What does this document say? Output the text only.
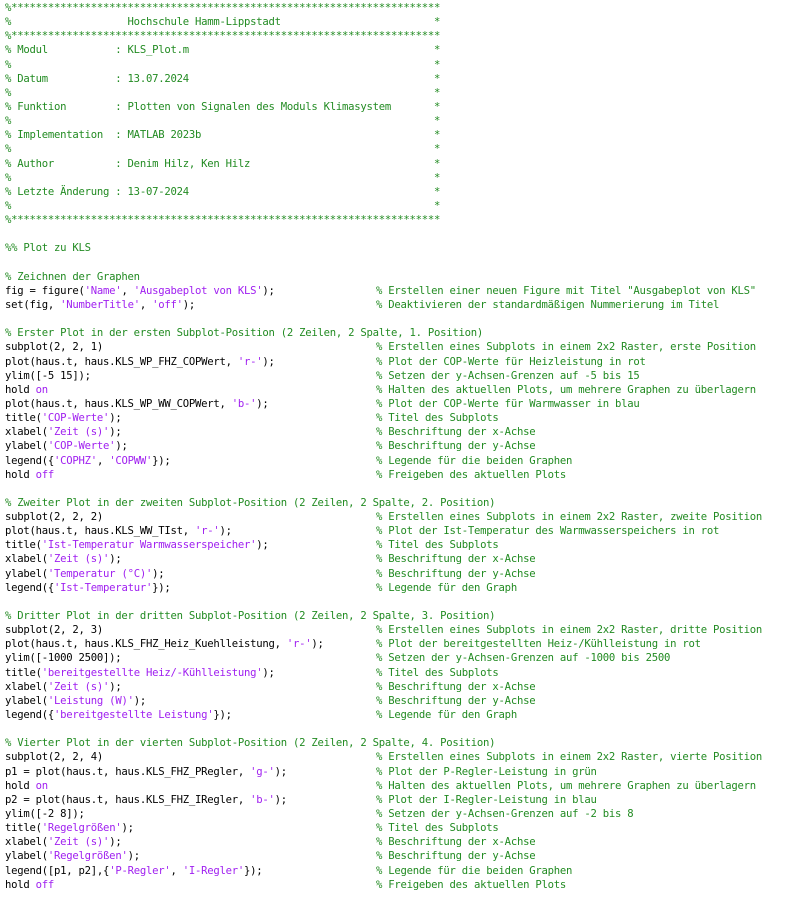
%**********************************************************************
%                   Hochschule Hamm-Lippstadt                         *
%**********************************************************************
% Modul           : KLS_Plot.m                                        *
%                                                                     *
% Datum           : 13.07.2024                                        *
%                                                                     *
% Funktion        : Plotten von Signalen des Moduls Klimasystem       *
%                                                                     *
% Implementation  : MATLAB 2023b                                      *
%                                                                     *
% Author          : Denim Hilz, Ken Hilz                              *
%                                                                     *
% Letzte Änderung : 13-07-2024                                        *
%                                                                     *
%**********************************************************************
%% Plot zu KLS
% Zeichnen der Graphen
fig = figure('Name', 'Ausgabeplot von KLS');	% Erstellen einer neuen Figure mit Titel "Ausgabeplot von KLS"
set(fig, 'NumberTitle', 'off');	% Deaktivieren der standardmäßigen Nummerierung im Titel
% Erster Plot in der ersten Subplot-Position (2 Zeilen, 2 Spalte, 1. Position)
subplot(2, 2, 1)	% Erstellen eines Subplots in einem 2x2 Raster, erste Position
plot(haus.t, haus.KLS_WP_FHZ_COPWert, 'r-');	% Plot der COP-Werte für Heizleistung in rot
ylim([-5 15]);	% Setzen der y-Achsen-Grenzen auf -5 bis 15
hold on	% Halten des aktuellen Plots, um mehrere Graphen zu überlagern
plot(haus.t, haus.KLS_WP_WW_COPWert, 'b-');	% Plot der COP-Werte für Warmwasser in blau
title('COP-Werte');	% Titel des Subplots
xlabel('Zeit (s)');	% Beschriftung der x-Achse
ylabel('COP-Werte');	% Beschriftung der y-Achse
legend({'COPHZ', 'COPWW'});	% Legende für die beiden Graphen
hold off	% Freigeben des aktuellen Plots
% Zweiter Plot in der zweiten Subplot-Position (2 Zeilen, 2 Spalte, 2. Position)
subplot(2, 2, 2)	% Erstellen eines Subplots in einem 2x2 Raster, zweite Position
plot(haus.t, haus.KLS_WW_TIst, 'r-');	% Plot der Ist-Temperatur des Warmwasserspeichers in rot
title('Ist-Temperatur Warmwasserspeicher');	% Titel des Subplots
xlabel('Zeit (s)');	% Beschriftung der x-Achse
ylabel('Temperatur (°C)');	% Beschriftung der y-Achse
legend({'Ist-Temperatur'});	% Legende für den Graph
% Dritter Plot in der dritten Subplot-Position (2 Zeilen, 2 Spalte, 3. Position)
subplot(2, 2, 3)	% Erstellen eines Subplots in einem 2x2 Raster, dritte Position
plot(haus.t, haus.KLS_FHZ_Heiz_Kuehlleistung, 'r-');	% Plot der bereitgestellten Heiz-/Kühlleistung in rot
ylim([-1000 2500]);	% Setzen der y-Achsen-Grenzen auf -1000 bis 2500
title('bereitgestellte Heiz/-Kühlleistung');	% Titel des Subplots
xlabel('Zeit (s)');	% Beschriftung der x-Achse
ylabel('Leistung (W)');	% Beschriftung der y-Achse
legend({'bereitgestellte Leistung'});	% Legende für den Graph
% Vierter Plot in der vierten Subplot-Position (2 Zeilen, 2 Spalte, 4. Position)
subplot(2, 2, 4)	% Erstellen eines Subplots in einem 2x2 Raster, vierte Position
p1 = plot(haus.t, haus.KLS_FHZ_PRegler, 'g-');	% Plot der P-Regler-Leistung in grün
hold on	% Halten des aktuellen Plots, um mehrere Graphen zu überlagern
p2 = plot(haus.t, haus.KLS_FHZ_IRegler, 'b-');	% Plot der I-Regler-Leistung in blau
ylim([-2 8]);	% Setzen der y-Achsen-Grenzen auf -2 bis 8
title('Regelgrößen');	% Titel des Subplots
xlabel('Zeit (s)');	% Beschriftung der x-Achse
ylabel('Regelgrößen');	% Beschriftung der y-Achse
legend([p1, p2],{'P-Regler', 'I-Regler'});	% Legende für die beiden Graphen
hold off	% Freigeben des aktuellen Plots
